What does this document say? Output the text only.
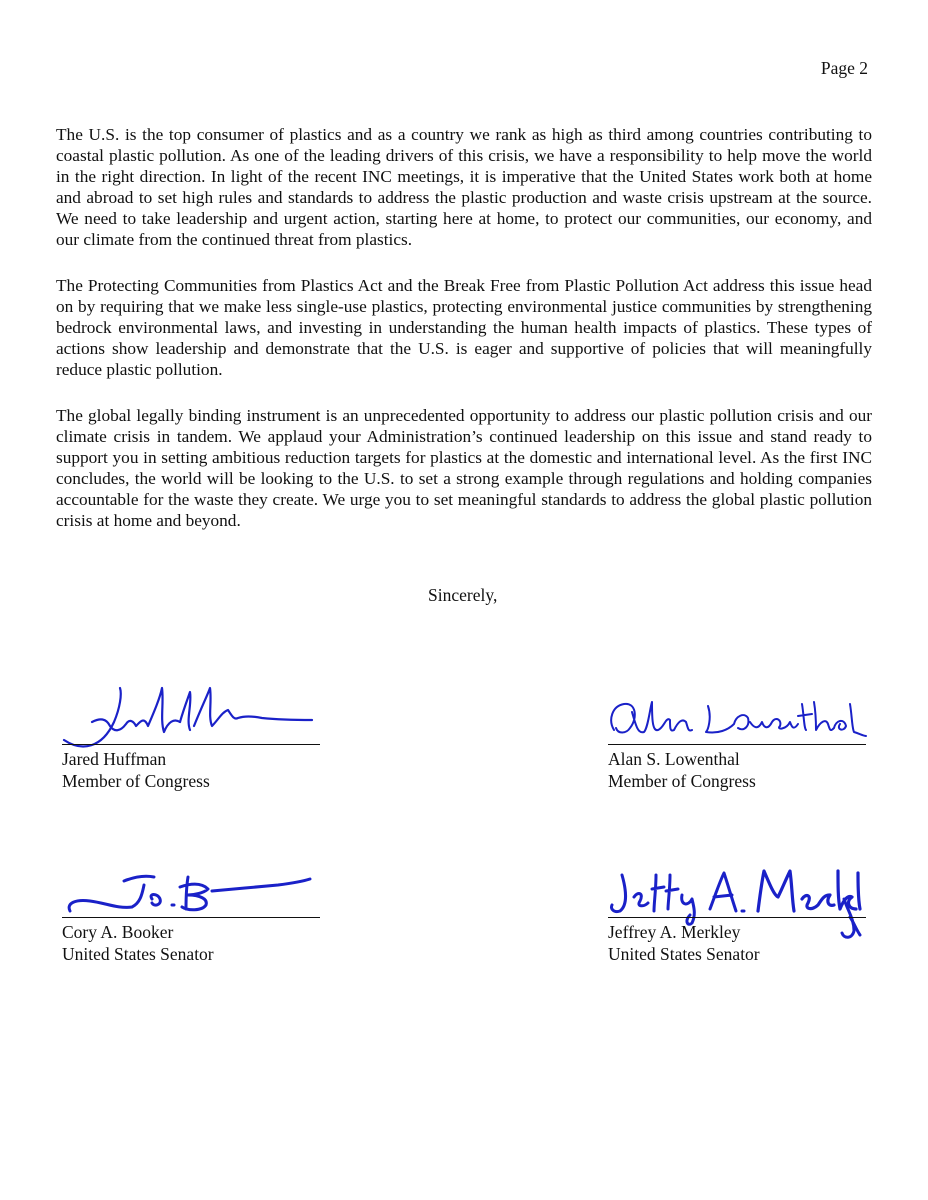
Page 2

The U.S. is the top consumer of plastics and as a country we rank as high as third among countries contributing to coastal plastic pollution. As one of the leading drivers of this crisis, we have a responsibility to help move the world in the right direction. In light of the recent INC meetings, it is imperative that the United States work both at home and abroad to set high rules and standards to address the plastic production and waste crisis upstream at the source. We need to take leadership and urgent action, starting here at home, to protect our communities, our economy, and our climate from the continued threat from plastics.

The Protecting Communities from Plastics Act and the Break Free from Plastic Pollution Act address this issue head on by requiring that we make less single-use plastics, protecting environmental justice communities by strengthening bedrock environmental laws, and investing in understanding the human health impacts of plastics. These types of actions show leadership and demonstrate that the U.S. is eager and supportive of policies that will meaningfully reduce plastic pollution.

The global legally binding instrument is an unprecedented opportunity to address our plastic pollution crisis and our climate crisis in tandem. We applaud your Administration’s continued leadership on this issue and stand ready to support you in setting ambitious reduction targets for plastics at the domestic and international level. As the first INC concludes, the world will be looking to the U.S. to set a strong example through regulations and holding companies accountable for the waste they create. We urge you to set meaningful standards to address the global plastic pollution crisis at home and beyond.

Sincerely,
Jared Huffman
Member of Congress
Alan S. Lowenthal
Member of Congress
Cory A. Booker
United States Senator
Jeffrey A. Merkley
United States Senator
